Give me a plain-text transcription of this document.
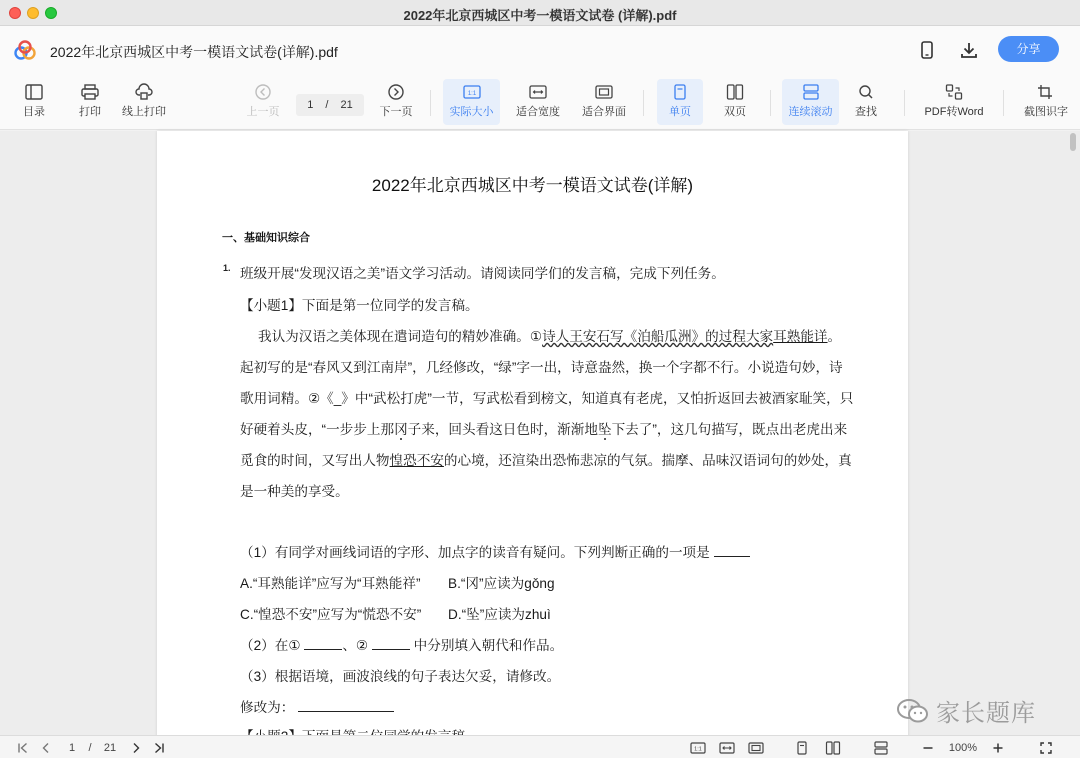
2022年北京西城区中考一模语文试卷 (详解).pdf
2022年北京西城区中考一模语文试卷(详解).pdf	分享
目录	打印 线上打印	上一页
1 / 21
下一页
1:1
实际大小 适合宽度 适合界面	单页	双页	连续滚动 查找	PDF转Word	截图识字
2022年北京西城区中考一模语文试卷(详解)
一、基础知识综合
1. 班级开展“发现汉语之美”语文学习活动。请阅读同学们的发言稿，完成下列任务。
【小题1】下面是第一位同学的发言稿。
我认为汉语之美体现在遣词造句的精妙准确。①诗人王安石写《泊船瓜洲》的过程大家耳熟能详。
起初写的是“春风又到江南岸”，几经修改，“绿”字一出，诗意盎然，换一个字都不行。小说造句妙，诗
歌用词精。②《_》中“武松打虎”一节，写武松看到榜文，知道真有老虎，又怕折返回去被酒家耻笑，只
好硬着头皮，“一步步上那冈子来，回头看这日色时，渐渐地坠下去了”，这几句描写，既点出老虎出来
觅食的时间，又写出人物惶恐不安的心境，还渲染出恐怖悲凉的气氛。揣摩、品味汉语词句的妙处，真
是一种美的享受。
（1）有同学对画线词语的字形、加点字的读音有疑问。下列判断正确的一项是
A.“耳熟能详”应写为“耳熟能祥” B.“冈”应读为gǒng
C.“惶恐不安”应写为“慌恐不安” D.“坠”应读为zhuì
（2）在①	、②	中分别填入朝代和作品。
（3）根据语境，画波浪线的句子表达欠妥，请修改。
修改为：	家长题库
1	/	21	1:1	100%
